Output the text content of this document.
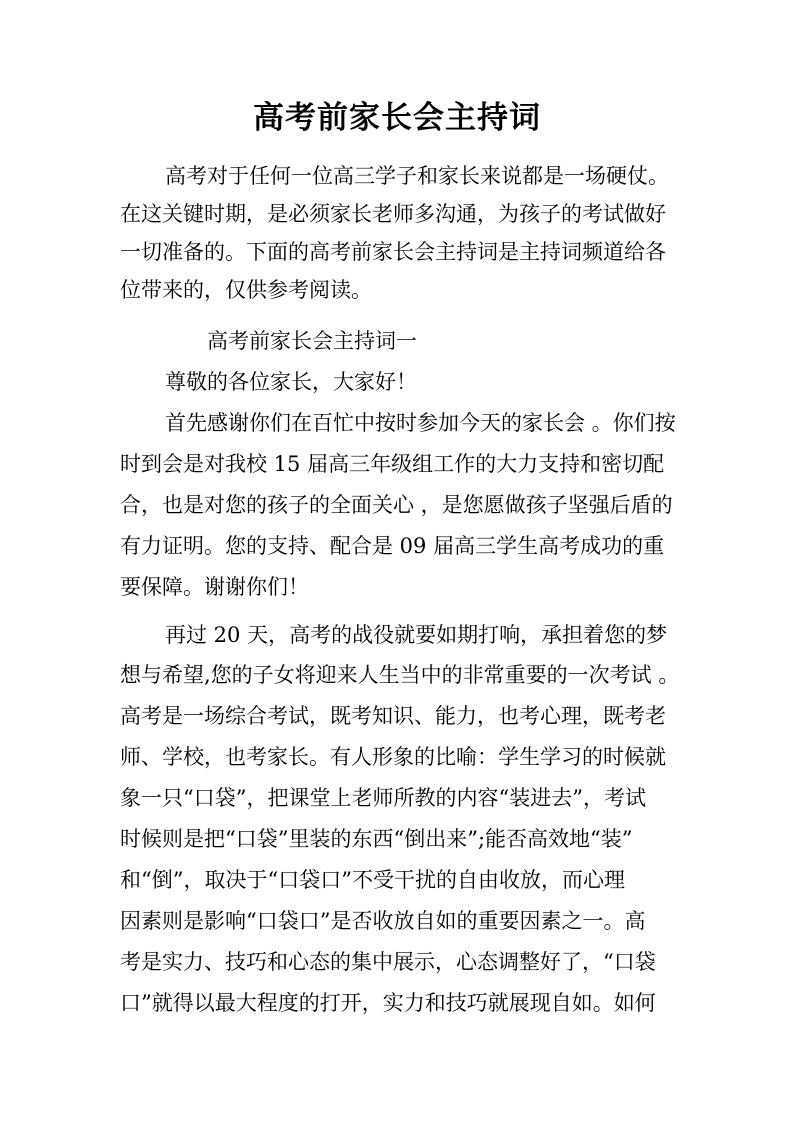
高考前家长会主持词
高考对于任何一位高三学子和家长来说都是一场硬仗。
在这关键时期，是必须家长老师多沟通，为孩子的考试做好
一切准备的。下面的高考前家长会主持词是主持词频道给各
位带来的，仅供参考阅读。
高考前家长会主持词一
尊敬的各位家长，大家好！
首先感谢你们在百忙中按时参加今天的家长会 。你们按
时到会是对我校 15 届高三年级组工作的大力支持和密切配
合，也是对您的孩子的全面关心 ，是您愿做孩子坚强后盾的
有力证明。您的支持、配合是 09 届高三学生高考成功的重
要保障。谢谢你们！
再过 20 天，高考的战役就要如期打响，承担着您的梦
想与希望,您的子女将迎来人生当中的非常重要的一次考试 。
高考是一场综合考试，既考知识、能力，也考心理，既考老
师、学校，也考家长。有人形象的比喻：学生学习的时候就
象一只“口袋”，把课堂上老师所教的内容“装进去”，考试
时候则是把“口袋”里装的东西“倒出来”;能否高效地“装”
和“倒”，取决于“口袋口”不受干扰的自由收放，而心理
因素则是影响“口袋口”是否收放自如的重要因素之一。高
考是实力、技巧和心态的集中展示，心态调整好了，“口袋
口”就得以最大程度的打开，实力和技巧就展现自如。如何
